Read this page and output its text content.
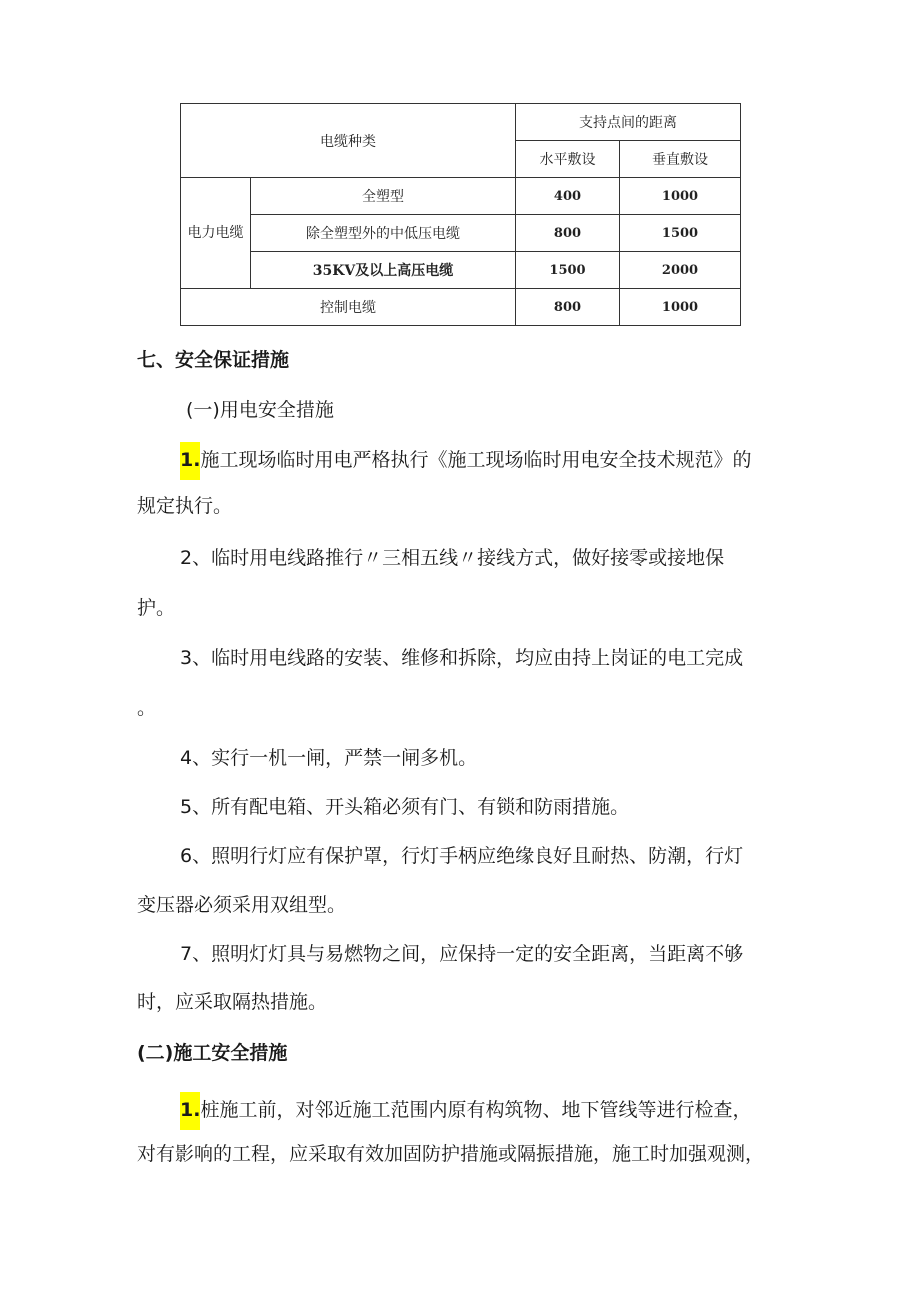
电缆种类		支持点间的距离	
		水平敷设	垂直敷设
电力电缆	全塑型	400	1000
	除全塑型外的中低压电缆	800	1500
	35KV及以上高压电缆	1500	2000
控制电缆		800	1000
七、安全保证措施
(一)用电安全措施
1.施工现场临时用电严格执行《施工现场临时用电安全技术规范》的
规定执行。
2、临时用电线路推行〃三相五线〃接线方式，做好接零或接地保
护。
3、临时用电线路的安装、维修和拆除，均应由持上岗证的电工完成
。
4、实行一机一闸，严禁一闸多机。
5、所有配电箱、开头箱必须有门、有锁和防雨措施。
6、照明行灯应有保护罩，行灯手柄应绝缘良好且耐热、防潮，行灯
变压器必须采用双组型。
7、照明灯灯具与易燃物之间，应保持一定的安全距离，当距离不够
时，应采取隔热措施。
(二)施工安全措施
1.桩施工前，对邻近施工范围内原有构筑物、地下管线等进行检查，
对有影响的工程，应采取有效加固防护措施或隔振措施，施工时加强观测，
